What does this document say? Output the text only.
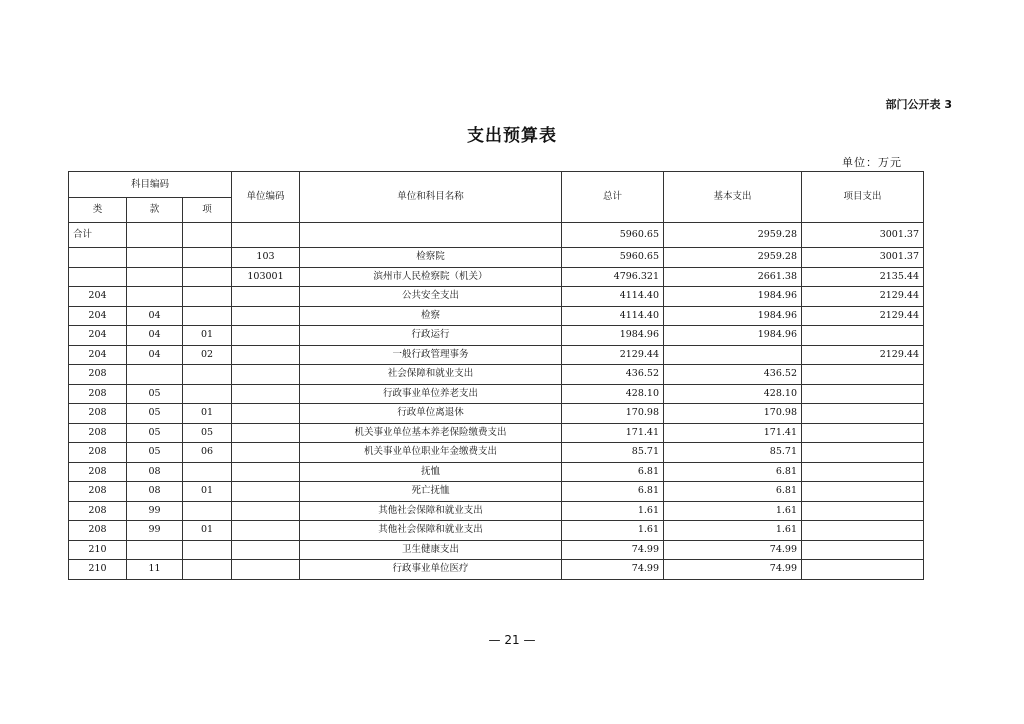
部门公开表 3
支出预算表
单位：万元
科目编码			单位编码	单位和科目名称	总计	基本支出	项目支出
类	款	项					
合计					5960.65	2959.28	3001.37
			103	检察院	5960.65	2959.28	3001.37
			103001	滨州市人民检察院（机关）	4796.321	2661.38	2135.44
204				公共安全支出	4114.40	1984.96	2129.44
204	04			检察	4114.40	1984.96	2129.44
204	04	01		行政运行	1984.96	1984.96	
204	04	02		一般行政管理事务	2129.44		2129.44
208				社会保障和就业支出	436.52	436.52	
208	05			行政事业单位养老支出	428.10	428.10	
208	05	01		行政单位离退休	170.98	170.98	
208	05	05		机关事业单位基本养老保险缴费支出	171.41	171.41	
208	05	06		机关事业单位职业年金缴费支出	85.71	85.71	
208	08			抚恤	6.81	6.81	
208	08	01		死亡抚恤	6.81	6.81	
208	99			其他社会保障和就业支出	1.61	1.61	
208	99	01		其他社会保障和就业支出	1.61	1.61	
210				卫生健康支出	74.99	74.99	
210	11			行政事业单位医疗	74.99	74.99	
— 21 —
